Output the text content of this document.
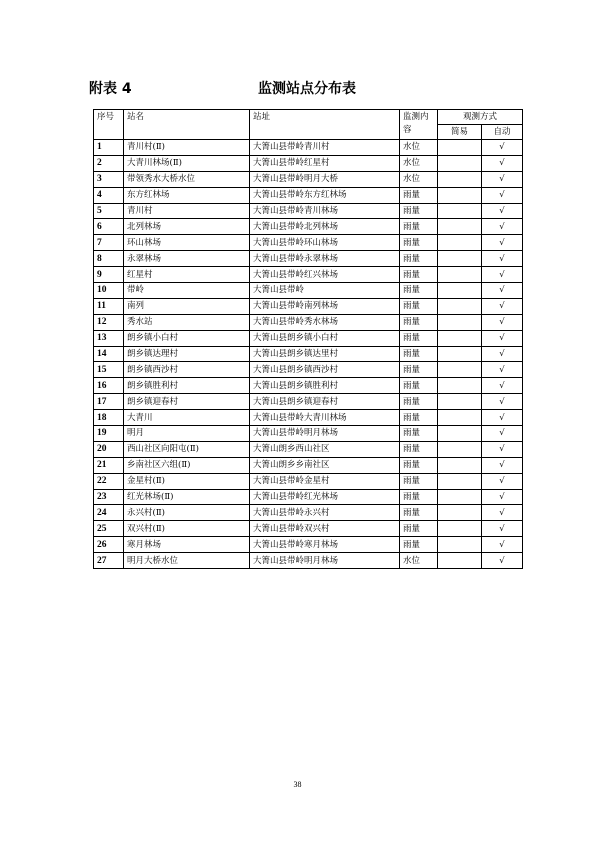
附表 4	监测站点分布表
序号	站名	站址	监测内容	观测方式	
				简易	自动
1	青川村(Ⅱ)	大箐山县带岭青川村	水位		√
2	大青川林场(Ⅱ)	大箐山县带岭红星村	水位		√
3	带领秀水大桥水位	大箐山县带岭明月大桥	水位		√
4	东方红林场	大箐山县带岭东方红林场	雨量		√
5	青川村	大箐山县带岭青川林场	雨量		√
6	北列林场	大箐山县带岭北列林场	雨量		√
7	环山林场	大箐山县带岭环山林场	雨量		√
8	永翠林场	大箐山县带岭永翠林场	雨量		√
9	红星村	大箐山县带岭红兴林场	雨量		√
10	带岭	大箐山县带岭	雨量		√
11	南列	大箐山县带岭南列林场	雨量		√
12	秀水站	大箐山县带岭秀水林场	雨量		√
13	朗乡镇小白村	大箐山县朗乡镇小白村	雨量		√
14	朗乡镇达理村	大箐山县朗乡镇达里村	雨量		√
15	朗乡镇西沙村	大箐山县朗乡镇西沙村	雨量		√
16	朗乡镇胜利村	大箐山县朗乡镇胜利村	雨量		√
17	朗乡镇迎春村	大箐山县朗乡镇迎春村	雨量		√
18	大青川	大箐山县带岭大青川林场	雨量		√
19	明月	大箐山县带岭明月林场	雨量		√
20	西山社区向阳屯(Ⅱ)	大箐山朗乡西山社区	雨量		√
21	乡南社区六组(Ⅱ)	大箐山朗乡乡南社区	雨量		√
22	金星村(Ⅱ)	大箐山县带岭金星村	雨量		√
23	红光林场(Ⅱ)	大箐山县带岭红光林场	雨量		√
24	永兴村(Ⅱ)	大箐山县带岭永兴村	雨量		√
25	双兴村(Ⅱ)	大箐山县带岭双兴村	雨量		√
26	寒月林场	大箐山县带岭寒月林场	雨量		√
27	明月大桥水位	大箐山县带岭明月林场	水位		√
38
